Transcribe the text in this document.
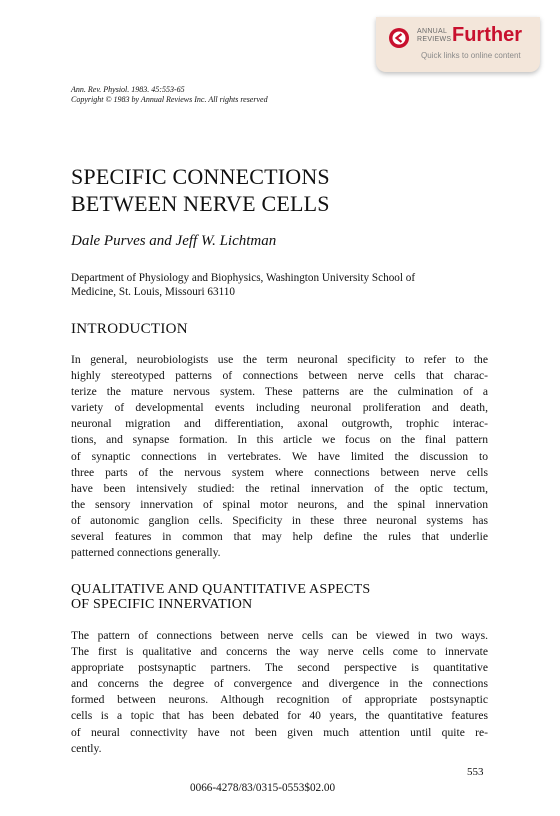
ANNUAL
REVIEWS Further
Quick links to online content
Ann. Rev. Physiol. 1983. 45:553-65
Copyright © 1983 by Annual Reviews Inc. All rights reserved
SPECIFIC CONNECTIONS
BETWEEN NERVE CELLS
Dale Purves and Jeff W. Lichtman
Department of Physiology and Biophysics, Washington University School of
Medicine, St. Louis, Missouri 63110
INTRODUCTION
In general, neurobiologists use the term neuronal specificity to refer to the
highly stereotyped patterns of connections between nerve cells that charac-
terize the mature nervous system. These patterns are the culmination of a
variety of developmental events including neuronal proliferation and death,
neuronal migration and differentiation, axonal outgrowth, trophic interac-
tions, and synapse formation. In this article we focus on the final pattern
of synaptic connections in vertebrates. We have limited the discussion to
three parts of the nervous system where connections between nerve cells
have been intensively studied: the retinal innervation of the optic tectum,
the sensory innervation of spinal motor neurons, and the spinal innervation
of autonomic ganglion cells. Specificity in these three neuronal systems has
several features in common that may help define the rules that underlie
patterned connections generally.
QUALITATIVE AND QUANTITATIVE ASPECTS
OF SPECIFIC INNERVATION
The pattern of connections between nerve cells can be viewed in two ways.
The first is qualitative and concerns the way nerve cells come to innervate
appropriate postsynaptic partners. The second perspective is quantitative
and concerns the degree of convergence and divergence in the connections
formed between neurons. Although recognition of appropriate postsynaptic
cells is a topic that has been debated for 40 years, the quantitative features
of neural connectivity have not been given much attention until quite re-
cently.
553
0066-4278/83/0315-0553$02.00
